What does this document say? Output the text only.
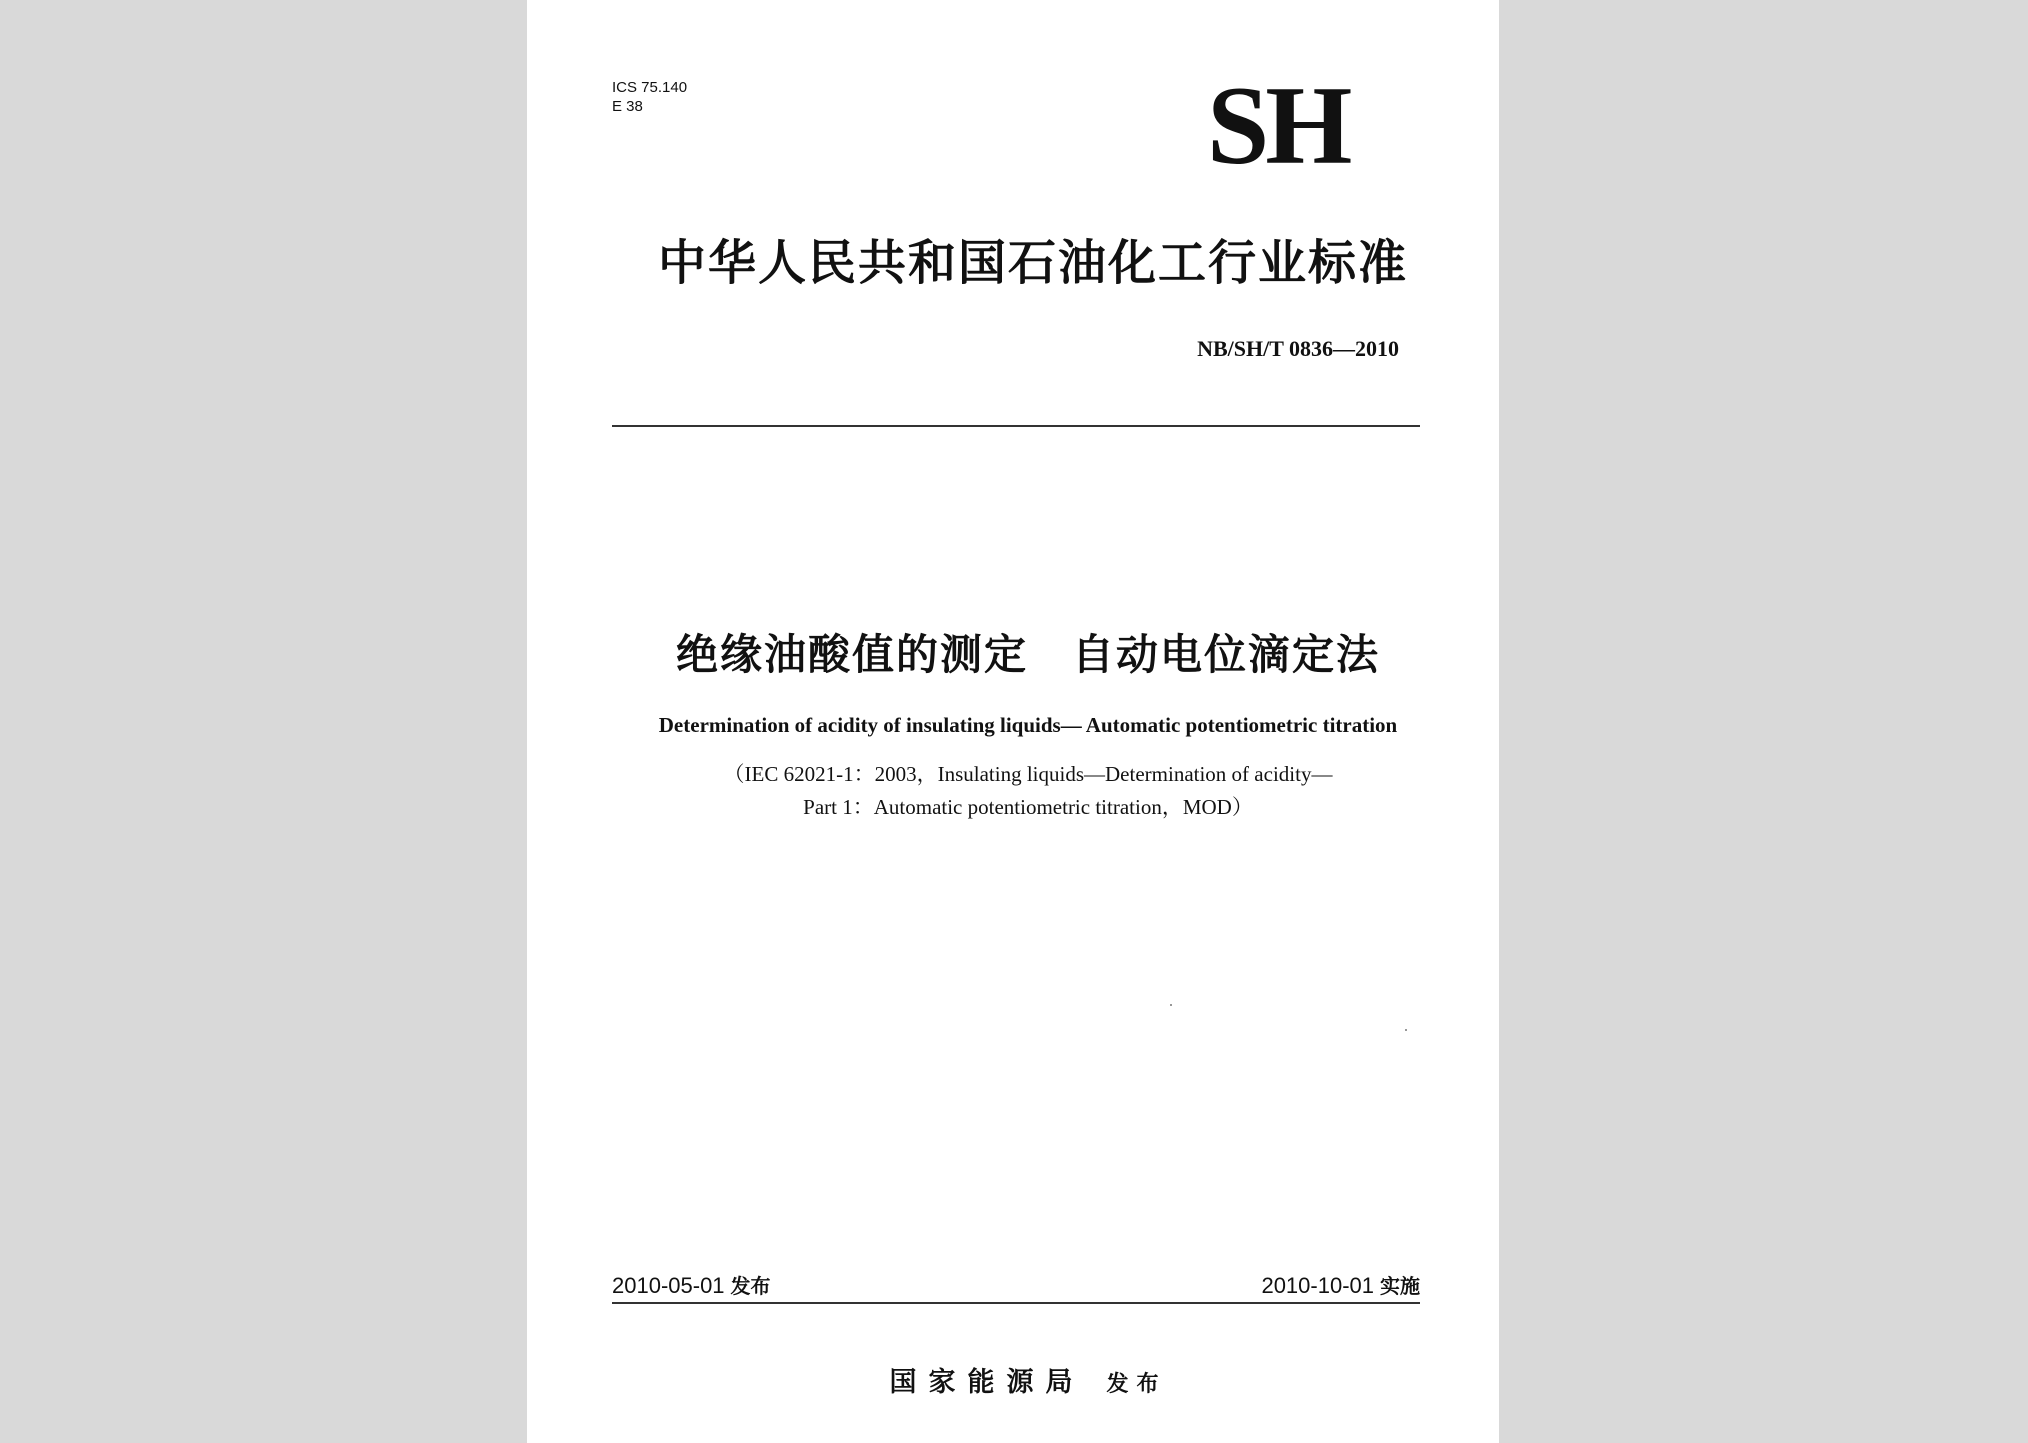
ICS 75.140
E 38	SH
中华人民共和国石油化工行业标准
NB/SH/T 0836—2010
绝缘油酸值的测定　自动电位滴定法
Determination of acidity of insulating liquids— Automatic potentiometric titration
（IEC 62021-1：2003，Insulating liquids—Determination of acidity—
Part 1：Automatic potentiometric titration，MOD）
2010-05-01 发布	2010-10-01 实施
国家能源局 发布
